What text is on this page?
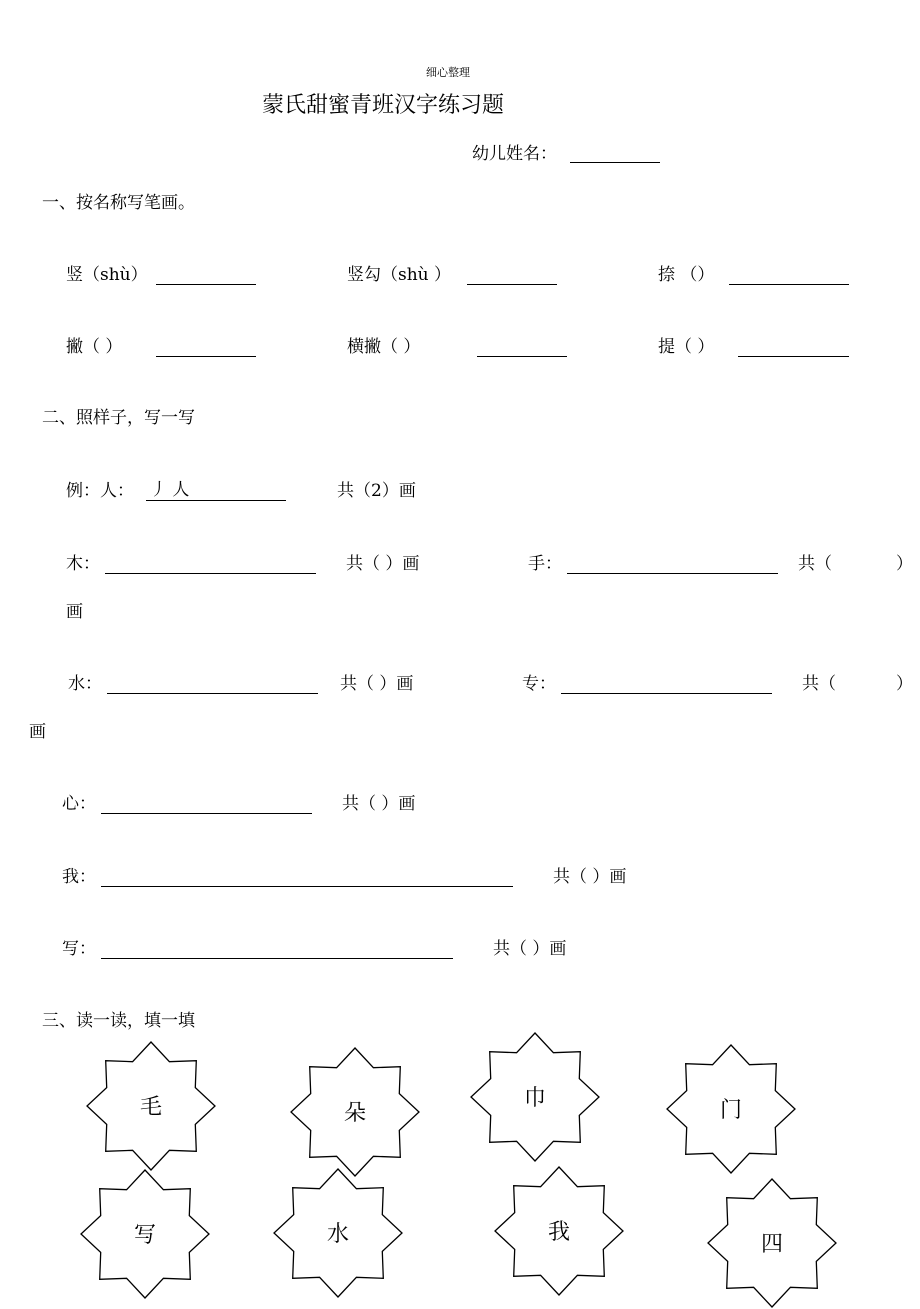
细心整理
蒙氏甜蜜青班汉字练习题
幼儿姓名：
一、按名称写笔画。
竖（shù）	竖勾（shù ）	捺 （）
撇（ ）	横撇（ ）	提（ ）
二、照样子，写一写
例：人： 丿 人	共（2）画
木：	共（ ）画	手：	共（	）
画
水：	共（ ）画	专：	共（	）
画
心：	共（ ）画
我：	共（ ）画
写：	共（ ）画
三、读一读，填一填
毛	朵
巾	门
写	水	我	四
